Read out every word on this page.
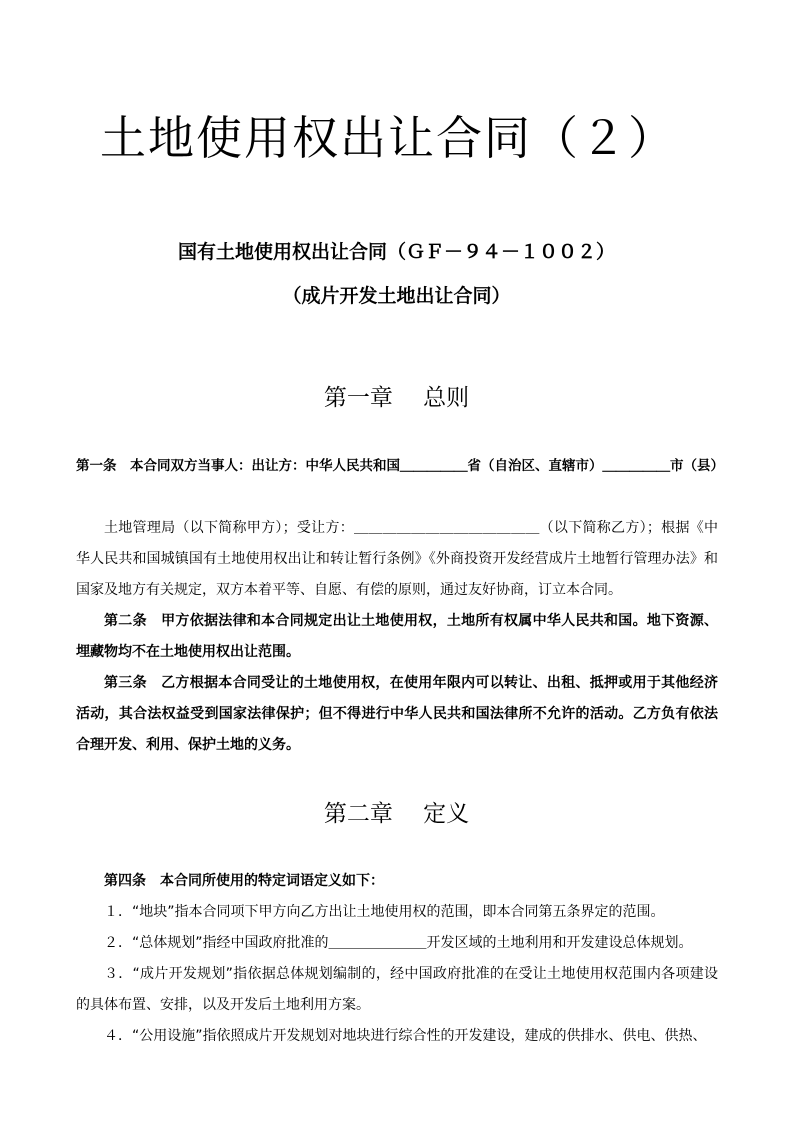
土地使用权出让合同（２）
国有土地使用权出让合同（ＧＦ－９４－１００２）
（成片开发土地出让合同）
第一章　 总则

第一条　本合同双方当事人：出让方：中华人民共和国＿＿＿＿＿省（自治区、直辖市）＿＿＿＿＿市（县）

土地管理局（以下简称甲方）；受让方：＿＿＿＿＿＿＿＿＿＿＿＿＿（以下简称乙方）；根据《中华人民共和国城镇国有土地使用权出让和转让暂行条例》《外商投资开发经营成片土地暂行管理办法》和国家及地方有关规定，双方本着平等、自愿、有偿的原则，通过友好协商，订立本合同。

第二条　甲方依据法律和本合同规定出让土地使用权，土地所有权属中华人民共和国。地下资源、埋藏物均不在土地使用权出让范围。

第三条　乙方根据本合同受让的土地使用权，在使用年限内可以转让、出租、抵押或用于其他经济活动，其合法权益受到国家法律保护；但不得进行中华人民共和国法律所不允许的活动。乙方负有依法合理开发、利用、保护土地的义务。

第二章　 定义

第四条　本合同所使用的特定词语定义如下：

１．“地块”指本合同项下甲方向乙方出让土地使用权的范围，即本合同第五条界定的范围。

２．“总体规划”指经中国政府批准的＿＿＿＿＿＿＿开发区域的土地利用和开发建设总体规划。

３．“成片开发规划”指依据总体规划编制的，经中国政府批准的在受让土地使用权范围内各项建设的具体布置、安排，以及开发后土地利用方案。

４．“公用设施”指依照成片开发规划对地块进行综合性的开发建设，建成的供排水、供电、供热、
